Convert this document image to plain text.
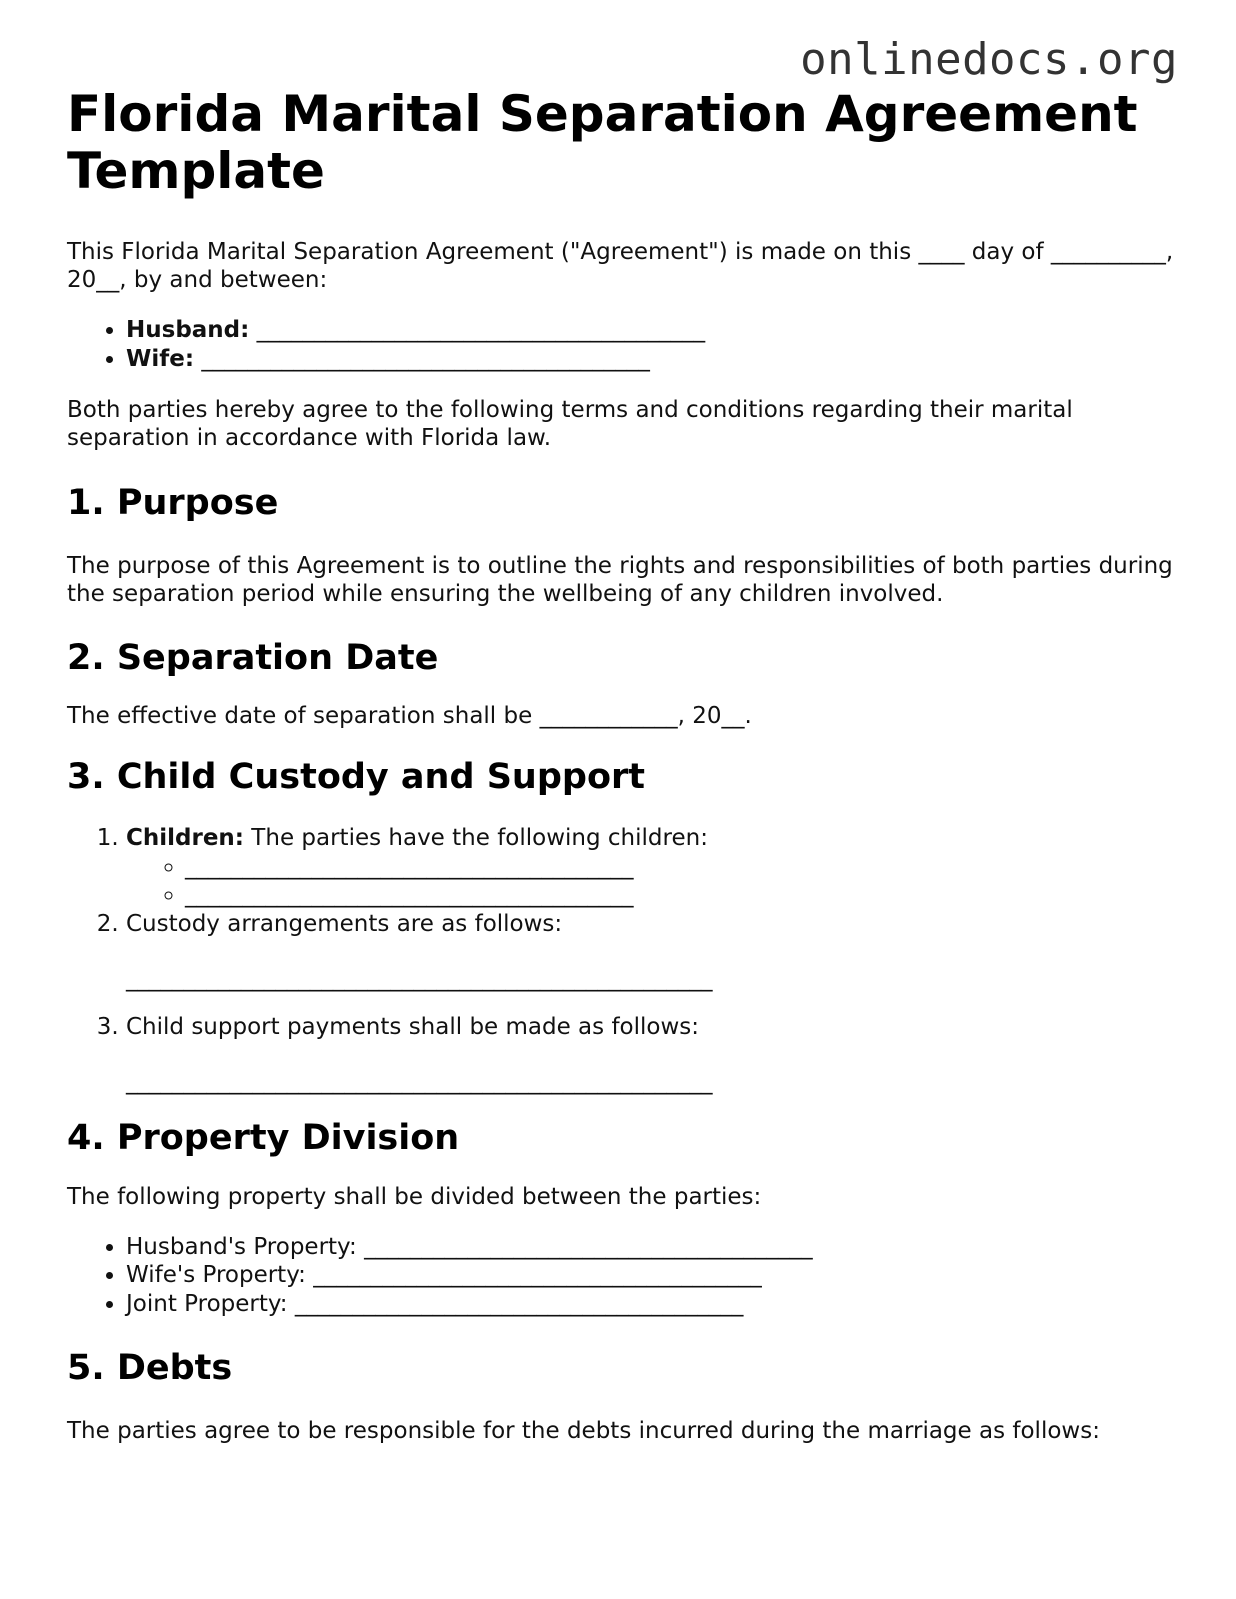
onlinedocs.org
Florida Marital Separation Agreement Template

This Florida Marital Separation Agreement ("Agreement") is made on this ____ day of __________, 20__, by and between:

• Husband: _______________________________________
• Wife: _______________________________________

Both parties hereby agree to the following terms and conditions regarding their marital separation in accordance with Florida law.

1. Purpose

The purpose of this Agreement is to outline the rights and responsibilities of both parties during the separation period while ensuring the wellbeing of any children involved.

2. Separation Date

The effective date of separation shall be ____________, 20__.

3. Child Custody and Support
1. Children: The parties have the following children:
◦ _______________________________________
◦ _______________________________________
2. Custody arrangements are as follows:
___________________________________________________
3. Child support payments shall be made as follows:
___________________________________________________
4. Property Division

The following property shall be divided between the parties:

• Husband's Property: _______________________________________
• Wife's Property: _______________________________________
• Joint Property: _______________________________________
5. Debts

The parties agree to be responsible for the debts incurred during the marriage as follows:
